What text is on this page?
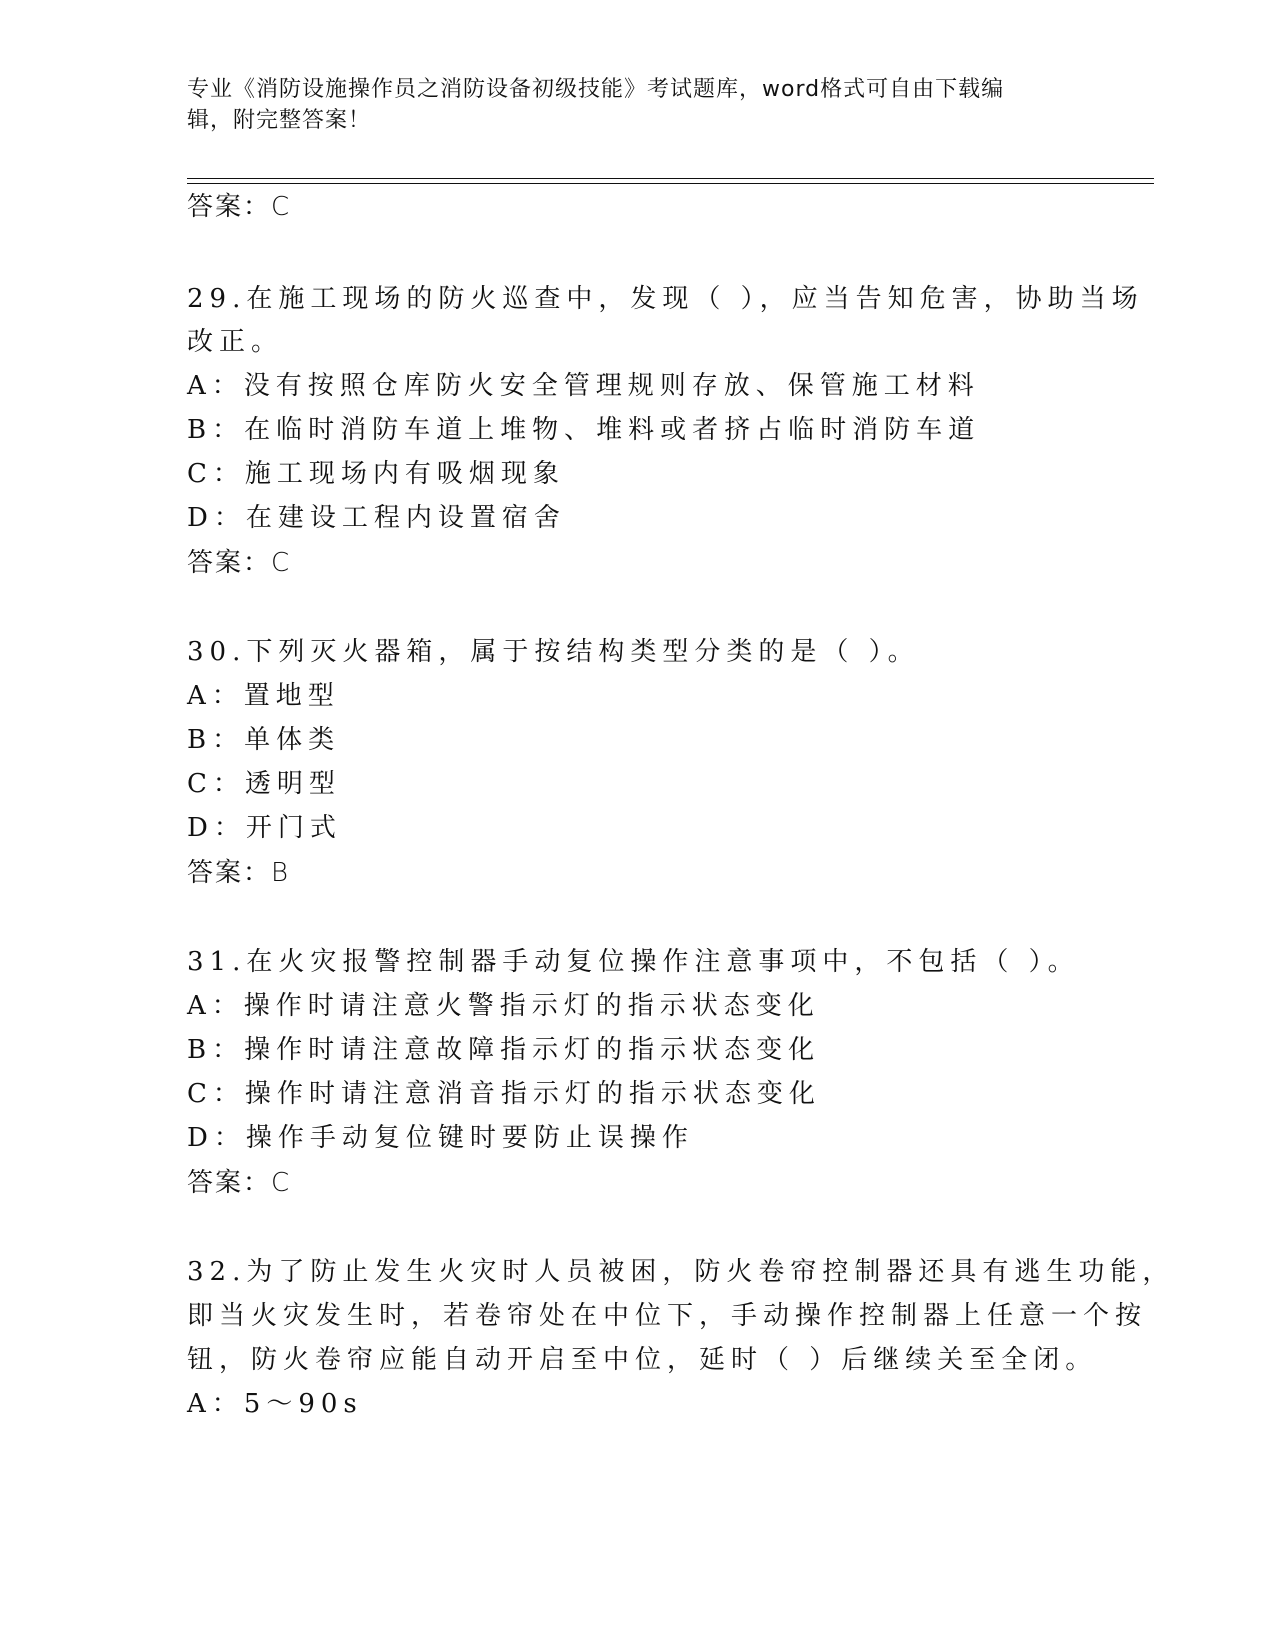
专业《消防设施操作员之消防设备初级技能》考试题库，word格式可自由下载编
辑，附完整答案！
答案：C
29.在施工现场的防火巡查中，发现（ ），应当告知危害，协助当场
改正。
A：没有按照仓库防火安全管理规则存放、保管施工材料
B：在临时消防车道上堆物、堆料或者挤占临时消防车道
C：施工现场内有吸烟现象
D：在建设工程内设置宿舍
答案：C
30.下列灭火器箱，属于按结构类型分类的是（ ）。
A：置地型
B：单体类
C：透明型
D：开门式
答案：B
31.在火灾报警控制器手动复位操作注意事项中，不包括（ ）。
A：操作时请注意火警指示灯的指示状态变化
B：操作时请注意故障指示灯的指示状态变化
C：操作时请注意消音指示灯的指示状态变化
D：操作手动复位键时要防止误操作
答案：C
32.为了防止发生火灾时人员被困，防火卷帘控制器还具有逃生功能，
即当火灾发生时，若卷帘处在中位下，手动操作控制器上任意一个按
钮，防火卷帘应能自动开启至中位，延时（ ）后继续关至全闭。
A：5～90s
